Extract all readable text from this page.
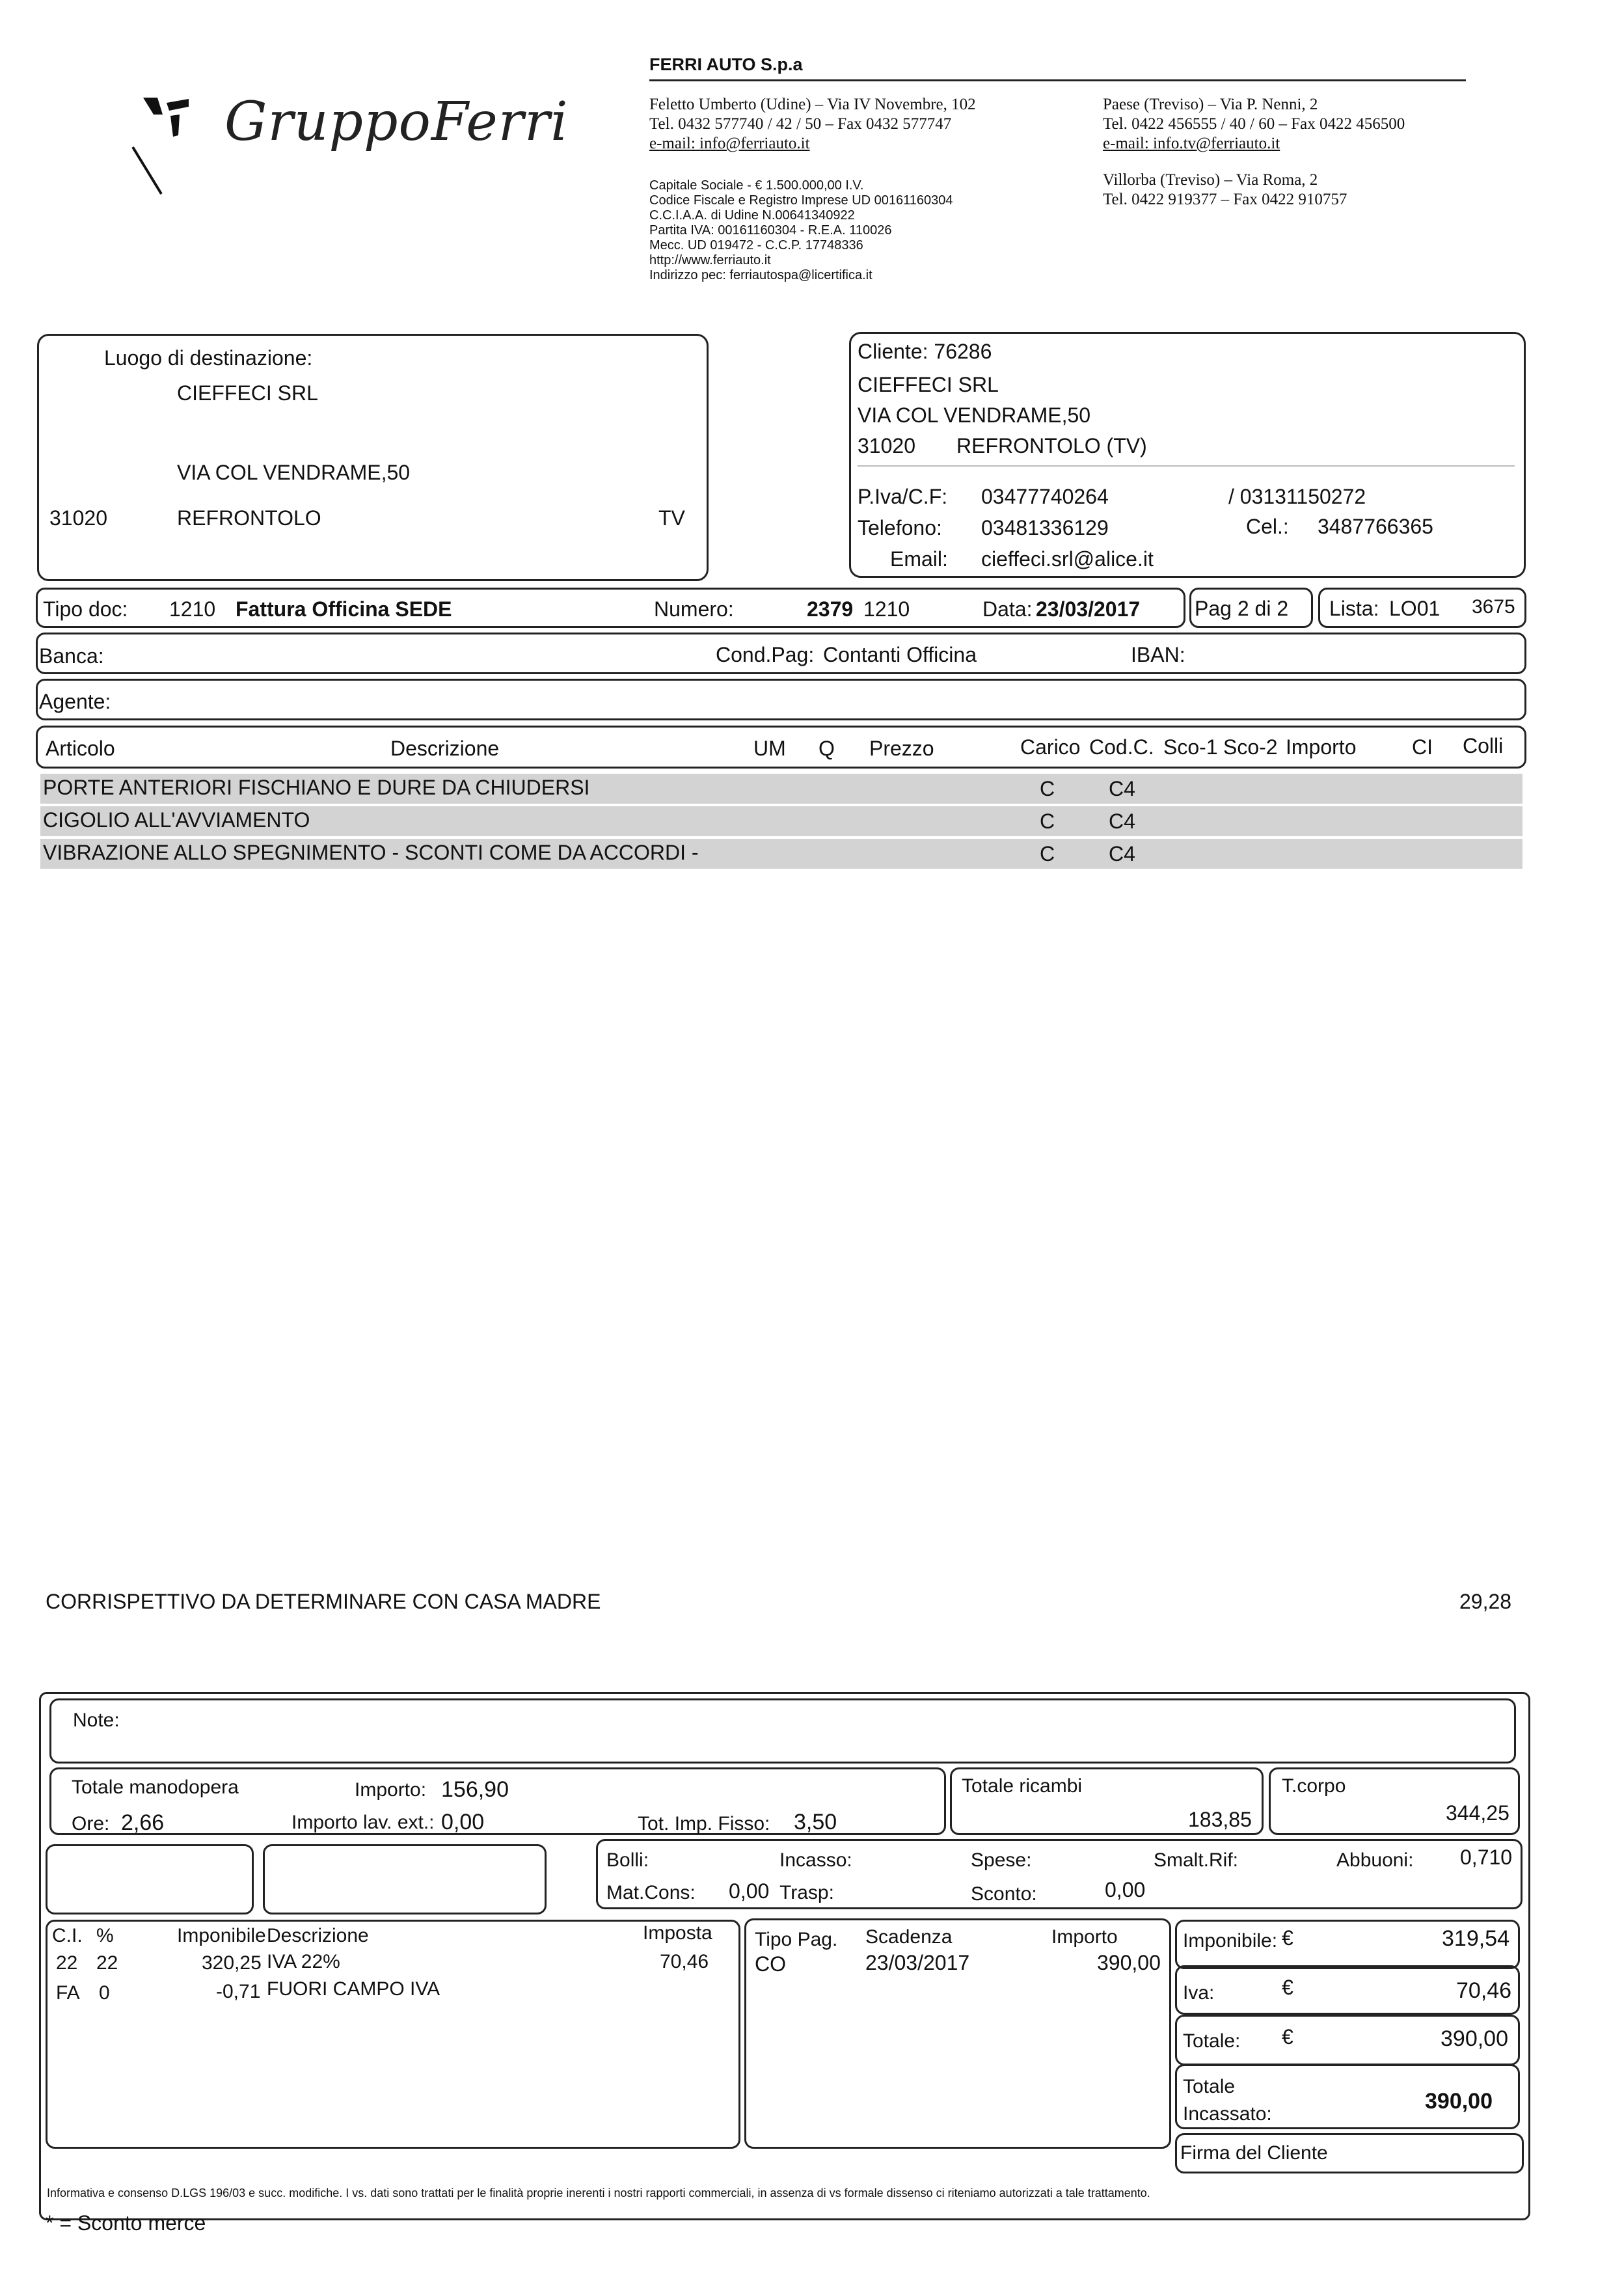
GruppoFerri
FERRI AUTO S.p.a
Feletto Umberto (Udine) – Via IV Novembre, 102
Tel. 0432 577740 / 42 / 50 – Fax 0432 577747
e-mail: info@ferriauto.it
Paese (Treviso) – Via P. Nenni, 2
Tel. 0422 456555 / 40 / 60 – Fax 0422 456500
e-mail: info.tv@ferriauto.it
Villorba (Treviso) – Via Roma, 2
Tel. 0422 919377 – Fax 0422 910757
Capitale Sociale - € 1.500.000,00 I.V.
Codice Fiscale e Registro Imprese UD 00161160304
C.C.I.A.A. di Udine N.00641340922
Partita IVA: 00161160304 - R.E.A. 110026
Mecc. UD 019472 - C.C.P. 17748336
http://www.ferriauto.it
Indirizzo pec: ferriautospa@licertifica.it
Luogo di destinazione:
CIEFFECI SRL
VIA COL VENDRAME,50
31020	REFRONTOLO	TV
Cliente: 76286
CIEFFECI SRL
VIA COL VENDRAME,50
31020 REFRONTOLO (TV)
P.Iva/C.F: 03477740264	/ 03131150272
Telefono: 03481336129	Cel.: 3487766365
Email: cieffeci.srl@alice.it
Tipo doc: 1210 Fattura Officina SEDE	Numero:	2379 1210	Data: 23/03/2017	Pag 2 di 2 Lista: LO01 3675
Banca:	Cond.Pag: Contanti Officina	IBAN:
Agente:
Articolo	Descrizione	UM Q Prezzo	Carico Cod.C. Sco-1 Sco-2 Importo	CI Colli
PORTE ANTERIORI FISCHIANO E DURE DA CHIUDERSI	C	C4
CIGOLIO ALL'AVVIAMENTO	C	C4
VIBRAZIONE ALLO SPEGNIMENTO - SCONTI COME DA ACCORDI -	C	C4
CORRISPETTIVO DA DETERMINARE CON CASA MADRE	29,28
Note:
Totale manodopera	Importo: 156,90
Ore: 2,66	Importo lav. ext.: 0,00	Tot. Imp. Fisso: 3,50
Totale ricambi
183,85
T.corpo
344,25
Bolli:	Incasso:	Spese:	Smalt.Rif:	Abbuoni: 0,710
Mat.Cons: 0,00 Trasp:	Sconto:	0,00
C.I. %	Imponibile Descrizione	Imposta
22 22	320,25 IVA 22%	70,46
FA 0	-0,71 FUORI CAMPO IVA
Tipo Pag. Scadenza	Importo
CO	23/03/2017	390,00
Imponibile: €	319,54
Iva:	€	70,46
Totale: €	390,00
Totale
Incassato:
390,00
Firma del Cliente
Informativa e consenso D.LGS 196/03 e succ. modifiche. I vs. dati sono trattati per le finalità proprie inerenti i nostri rapporti commerciali, in assenza di vs formale dissenso ci riteniamo autorizzati a tale trattamento.
* = Sconto merce
